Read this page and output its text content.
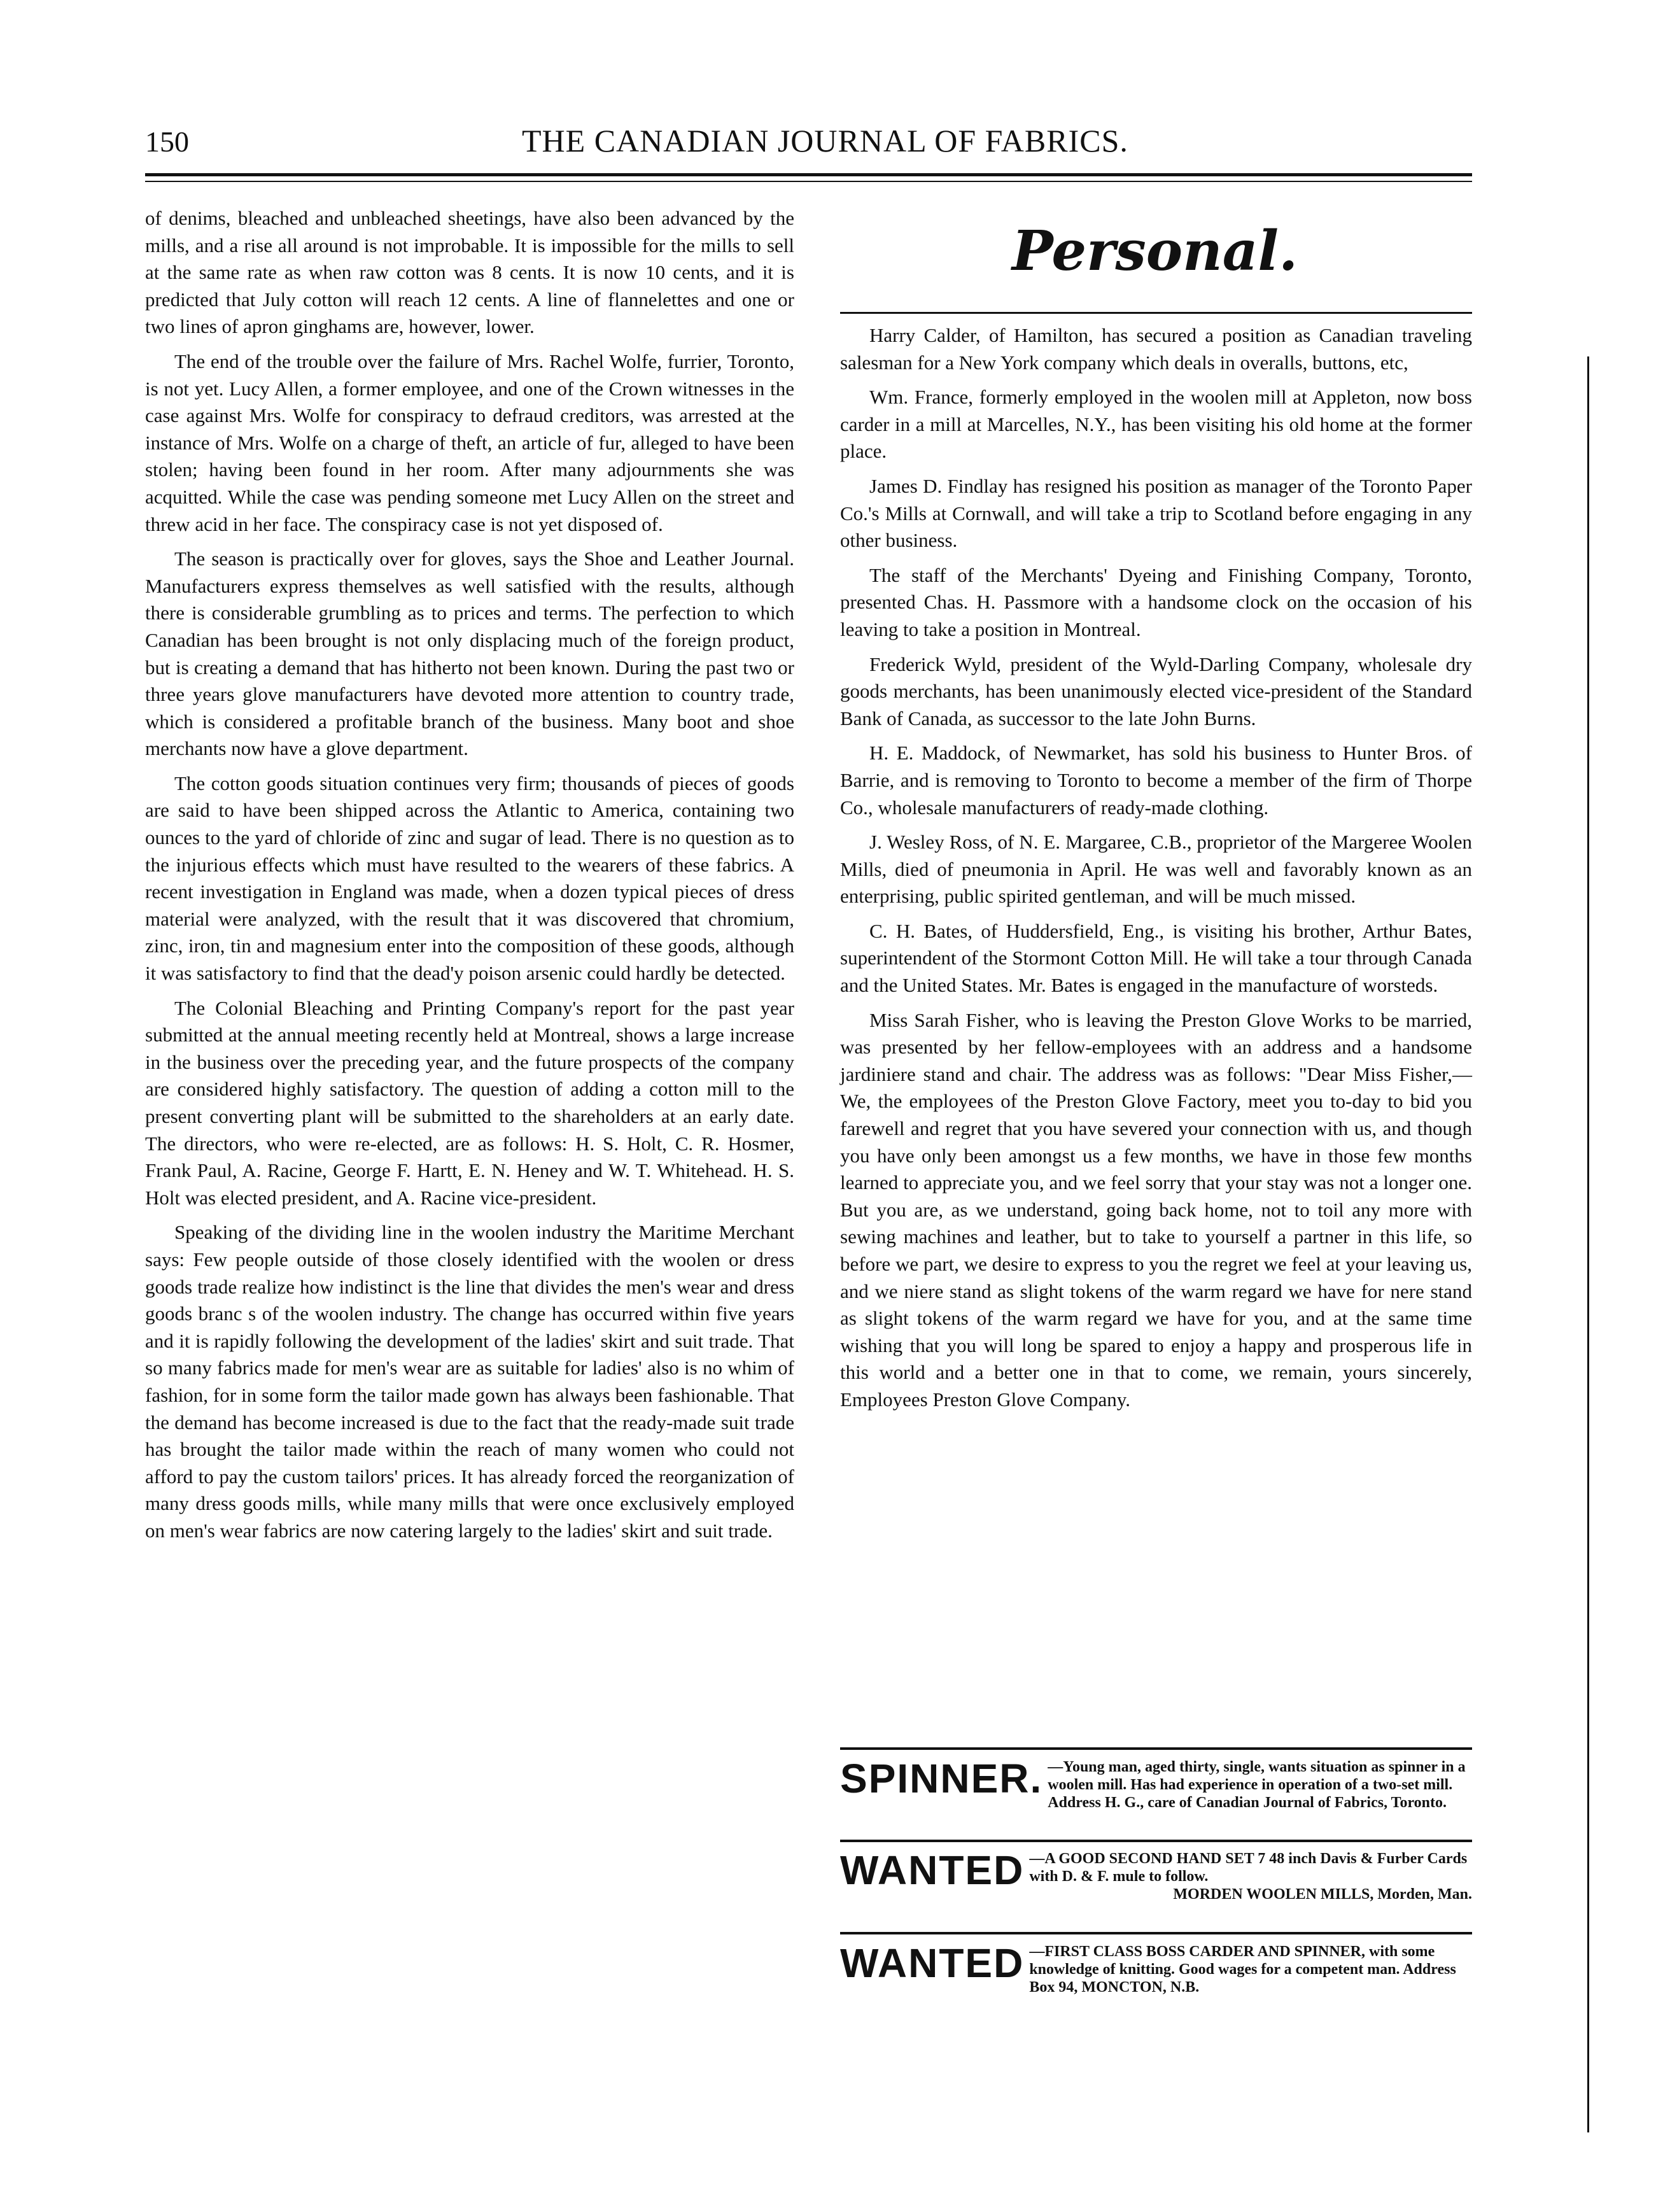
150	THE CANADIAN JOURNAL OF FABRICS.

of denims, bleached and unbleached sheetings, have also been advanced by the mills, and a rise all around is not improbable. It is impossible for the mills to sell at the same rate as when raw cotton was 8 cents. It is now 10 cents, and it is predicted that July cotton will reach 12 cents. A line of flannelettes and one or two lines of apron ginghams are, however, lower.

The end of the trouble over the failure of Mrs. Rachel Wolfe, furrier, Toronto, is not yet. Lucy Allen, a former employee, and one of the Crown witnesses in the case against Mrs. Wolfe for conspiracy to defraud creditors, was arrested at the instance of Mrs. Wolfe on a charge of theft, an article of fur, alleged to have been stolen; having been found in her room. After many adjournments she was acquitted. While the case was pending someone met Lucy Allen on the street and threw acid in her face. The conspiracy case is not yet disposed of.

The season is practically over for gloves, says the Shoe and Leather Journal. Manufacturers express themselves as well satisfied with the results, although there is considerable grumbling as to prices and terms. The perfection to which Canadian has been brought is not only displacing much of the foreign product, but is creating a demand that has hitherto not been known. During the past two or three years glove manufacturers have devoted more attention to country trade, which is considered a profitable branch of the business. Many boot and shoe merchants now have a glove department.

The cotton goods situation continues very firm; thousands of pieces of goods are said to have been shipped across the Atlantic to America, containing two ounces to the yard of chloride of zinc and sugar of lead. There is no question as to the injurious effects which must have resulted to the wearers of these fabrics. A recent investigation in England was made, when a dozen typical pieces of dress material were analyzed, with the result that it was discovered that chromium, zinc, iron, tin and magnesium enter into the composition of these goods, although it was satisfactory to find that the dead'y poison arsenic could hardly be detected.

The Colonial Bleaching and Printing Company's report for the past year submitted at the annual meeting recently held at Montreal, shows a large increase in the business over the preceding year, and the future prospects of the company are considered highly satisfactory. The question of adding a cotton mill to the present converting plant will be submitted to the shareholders at an early date. The directors, who were re-elected, are as follows: H. S. Holt, C. R. Hosmer, Frank Paul, A. Racine, George F. Hartt, E. N. Heney and W. T. Whitehead. H. S. Holt was elected president, and A. Racine vice-president.

Speaking of the dividing line in the woolen industry the Maritime Merchant says: Few people outside of those closely identified with the woolen or dress goods trade realize how indistinct is the line that divides the men's wear and dress goods branc s of the woolen industry. The change has occurred within five years and it is rapidly following the development of the ladies' skirt and suit trade. That so many fabrics made for men's wear are as suitable for ladies' also is no whim of fashion, for in some form the tailor made gown has always been fashionable. That the demand has become increased is due to the fact that the ready-made suit trade has brought the tailor made within the reach of many women who could not afford to pay the custom tailors' prices. It has already forced the reorganization of many dress goods mills, while many mills that were once exclusively employed on men's wear fabrics are now catering largely to the ladies' skirt and suit trade.

Personal.

Harry Calder, of Hamilton, has secured a position as Canadian traveling salesman for a New York company which deals in overalls, buttons, etc,

Wm. France, formerly employed in the woolen mill at Appleton, now boss carder in a mill at Marcelles, N.Y., has been visiting his old home at the former place.

James D. Findlay has resigned his position as manager of the Toronto Paper Co.'s Mills at Cornwall, and will take a trip to Scotland before engaging in any other business.

The staff of the Merchants' Dyeing and Finishing Company, Toronto, presented Chas. H. Passmore with a handsome clock on the occasion of his leaving to take a position in Montreal.

Frederick Wyld, president of the Wyld-Darling Company, wholesale dry goods merchants, has been unanimously elected vice-president of the Standard Bank of Canada, as successor to the late John Burns.

H. E. Maddock, of Newmarket, has sold his business to Hunter Bros. of Barrie, and is removing to Toronto to become a member of the firm of Thorpe Co., wholesale manufacturers of ready-made clothing.

J. Wesley Ross, of N. E. Margaree, C.B., proprietor of the Margeree Woolen Mills, died of pneumonia in April. He was well and favorably known as an enterprising, public spirited gentleman, and will be much missed.

C. H. Bates, of Huddersfield, Eng., is visiting his brother, Arthur Bates, superintendent of the Stormont Cotton Mill. He will take a tour through Canada and the United States. Mr. Bates is engaged in the manufacture of worsteds.

Miss Sarah Fisher, who is leaving the Preston Glove Works to be married, was presented by her fellow-employees with an address and a handsome jardiniere stand and chair. The address was as follows: "Dear Miss Fisher,— We, the employees of the Preston Glove Factory, meet you to-day to bid you farewell and regret that you have severed your connection with us, and though you have only been amongst us a few months, we have in those few months learned to appreciate you, and we feel sorry that your stay was not a longer one. But you are, as we understand, going back home, not to toil any more with sewing machines and leather, but to take to yourself a partner in this life, so before we part, we desire to express to you the regret we feel at your leaving us, and we niere stand as slight tokens of the warm regard we have for nere stand as slight tokens of the warm regard we have for you, and at the same time wishing that you will long be spared to enjoy a happy and prosperous life in this world and a better one in that to come, we remain, yours sincerely, Employees Preston Glove Company.

SPINNER. —Young man, aged thirty, single, wants situation as spinner in a woolen mill. Has had experience in operation of a two-set mill. Address H. G., care of Canadian Journal of Fabrics, Toronto.
WANTED —A GOOD SECOND HAND SET 7 48 inch Davis & Furber Cards with D. & F. mule to follow.
MORDEN WOOLEN MILLS, Morden, Man.
WANTED —FIRST CLASS BOSS CARDER AND SPINNER, with some knowledge of knitting. Good wages for a competent man. Address Box 94, MONCTON, N.B.
